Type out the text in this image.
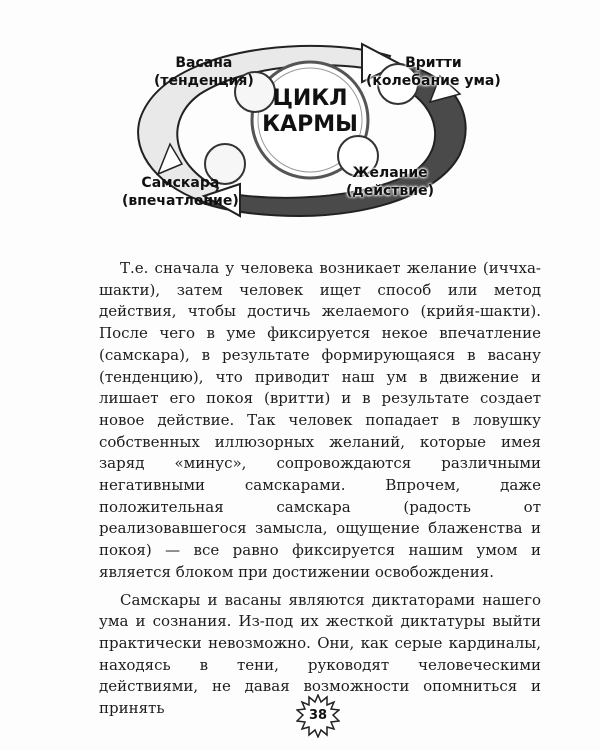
ЦИКЛ
КАРМЫ
Васана
(тенденция)
Вритти
(колебание ума)
Желание
(действие)
Самскара
(впечатление)

Т.е. сначала у человека возникает желание (иччха-шакти), затем человек ищет способ или метод действия, чтобы достичь желаемого (крийя-шакти). После чего в уме фиксируется некое впечатление (самскара), в результате формирующаяся в васану (тенденцию), что приводит наш ум в движение и лишает его покоя (вритти) и в результате создает новое действие. Так человек попадает в ловушку собственных иллюзорных желаний, которые имея заряд «минус», сопровождаются различными негативными самскарами. Впрочем, даже положительная самскара (радость от реализовавшегося замысла, ощущение блаженства и покоя) — все равно фиксируется нашим умом и является блоком при достижении освобождения.

Самскары и васаны являются диктаторами нашего ума и сознания. Из-под их жесткой диктатуры выйти практически невозможно. Они, как серые кардиналы, находясь в тени, руководят человеческими действиями, не давая возможности опомниться и принять	38
